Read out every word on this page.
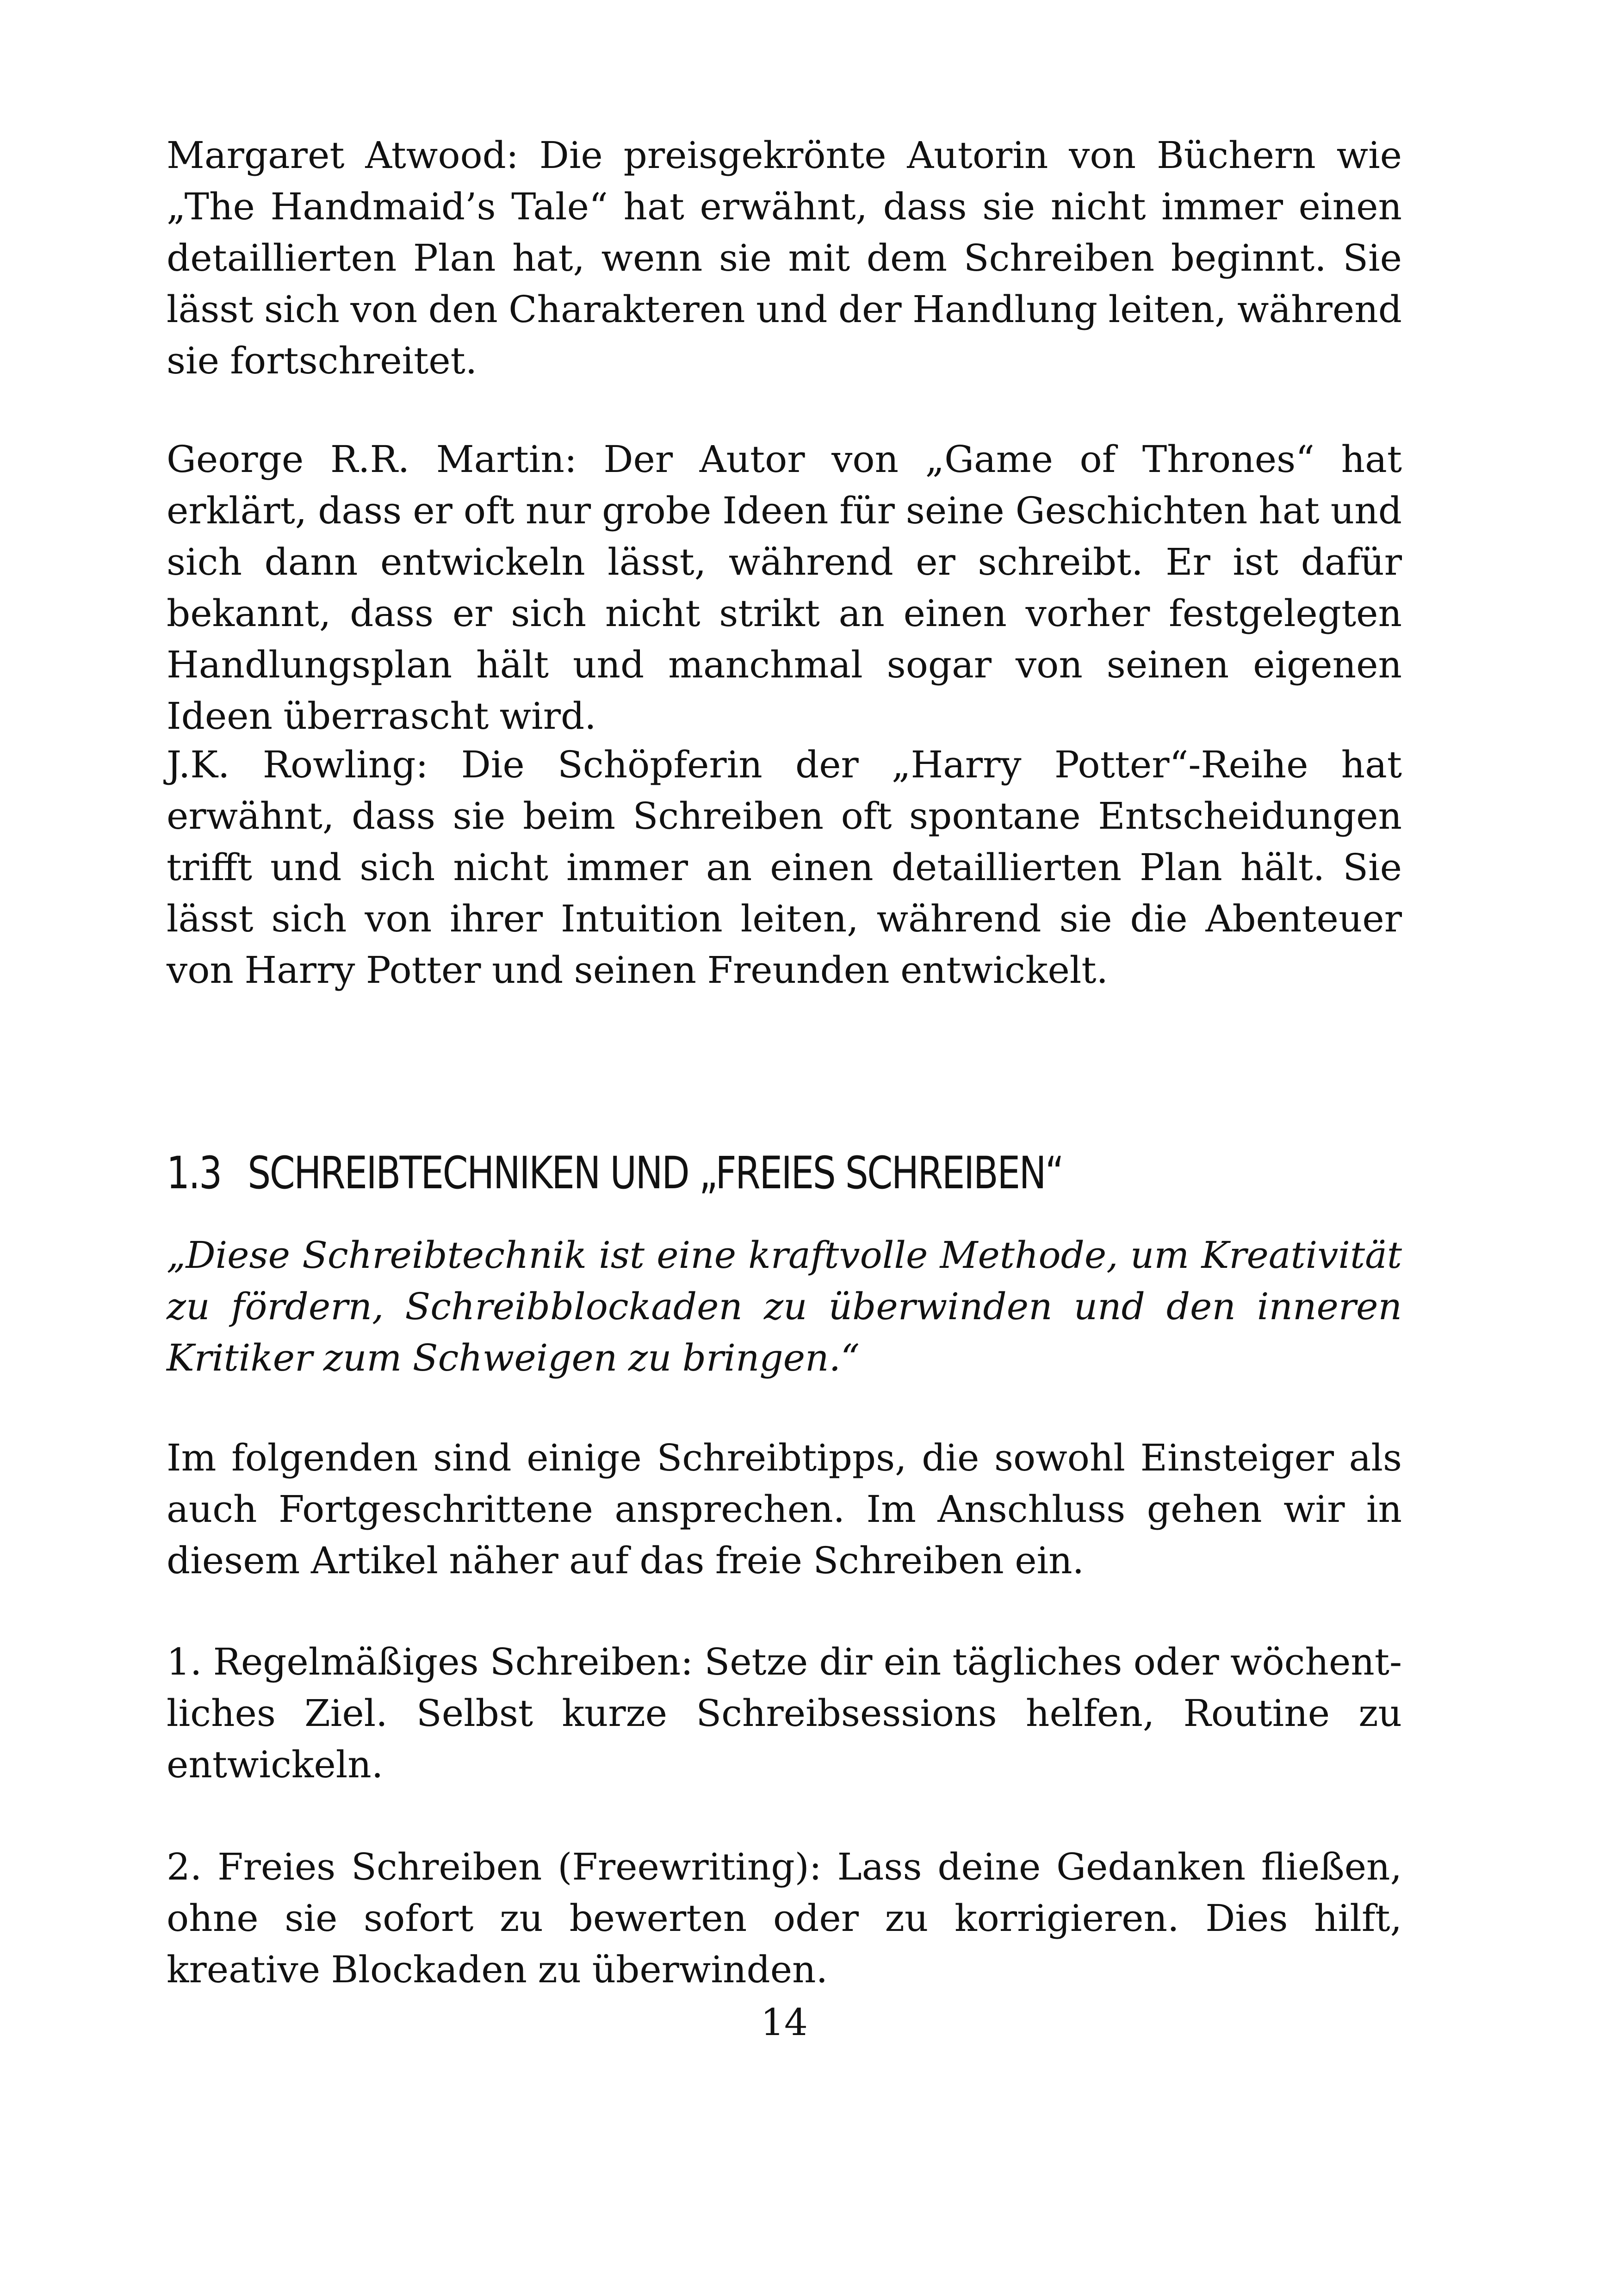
Margaret Atwood: Die preisgekrönte Autorin von Büchern wie „The Handmaid’s Tale“ hat erwähnt, dass sie nicht immer einen detaillierten Plan hat, wenn sie mit dem Schreiben beginnt. Sie lässt sich von den Charakteren und der Handlung leiten, während sie fortschreitet.

George R.R. Martin: Der Autor von „Game of Thrones“ hat erklärt, dass er oft nur grobe Ideen für seine Geschichten hat und sich dann entwickeln lässt, während er schreibt. Er ist dafür bekannt, dass er sich nicht strikt an einen vorher festgelegten Handlungsplan hält und manchmal sogar von seinen eigenen Ideen überrascht wird.

J.K. Rowling: Die Schöpferin der „Harry Potter“-Reihe hat erwähnt, dass sie beim Schreiben oft spontane Entscheidungen trifft und sich nicht immer an einen detaillierten Plan hält. Sie lässt sich von ihrer Intuition leiten, während sie die Abenteuer von Harry Potter und seinen Freunden entwickelt.

1.3 SCHREIBTECHNIKEN UND „FREIES SCHREIBEN“

„Diese Schreibtechnik ist eine kraftvolle Methode, um Kreativität zu fördern, Schreibblockaden zu überwinden und den inneren Kritiker zum Schweigen zu bringen.“

Im folgenden sind einige Schreibtipps, die sowohl Einsteiger als auch Fortgeschrittene ansprechen. Im Anschluss gehen wir in diesem Artikel näher auf das freie Schreiben ein.

1. Regelmäßiges Schreiben: Setze dir ein tägliches oder wöchentliches Ziel. Selbst kurze Schreibsessions helfen, Routine zu entwickeln.

2. Freies Schreiben (Freewriting): Lass deine Gedanken fließen, ohne sie sofort zu bewerten oder zu korrigieren. Dies hilft, kreative Blockaden zu überwinden.

14
